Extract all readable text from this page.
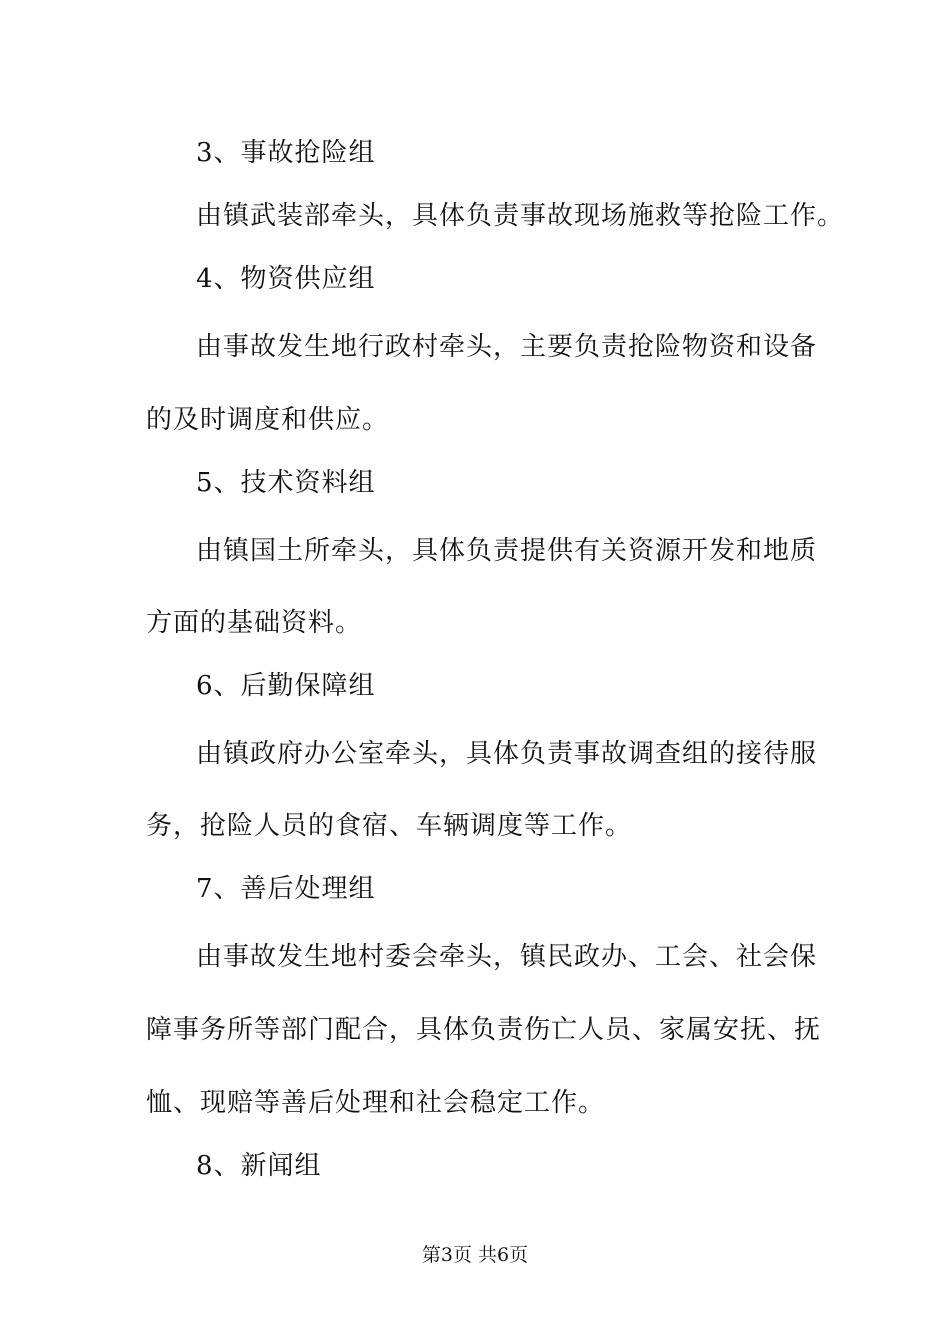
3、事故抢险组
由镇武装部牵头，具体负责事故现场施救等抢险工作。
4、物资供应组
由事故发生地行政村牵头，主要负责抢险物资和设备
的及时调度和供应。
5、技术资料组
由镇国土所牵头，具体负责提供有关资源开发和地质
方面的基础资料。
6、后勤保障组
由镇政府办公室牵头，具体负责事故调查组的接待服
务，抢险人员的食宿、车辆调度等工作。
7、善后处理组
由事故发生地村委会牵头，镇民政办、工会、社会保
障事务所等部门配合，具体负责伤亡人员、家属安抚、抚
恤、现赔等善后处理和社会稳定工作。
8、新闻组
第3页 共6页
